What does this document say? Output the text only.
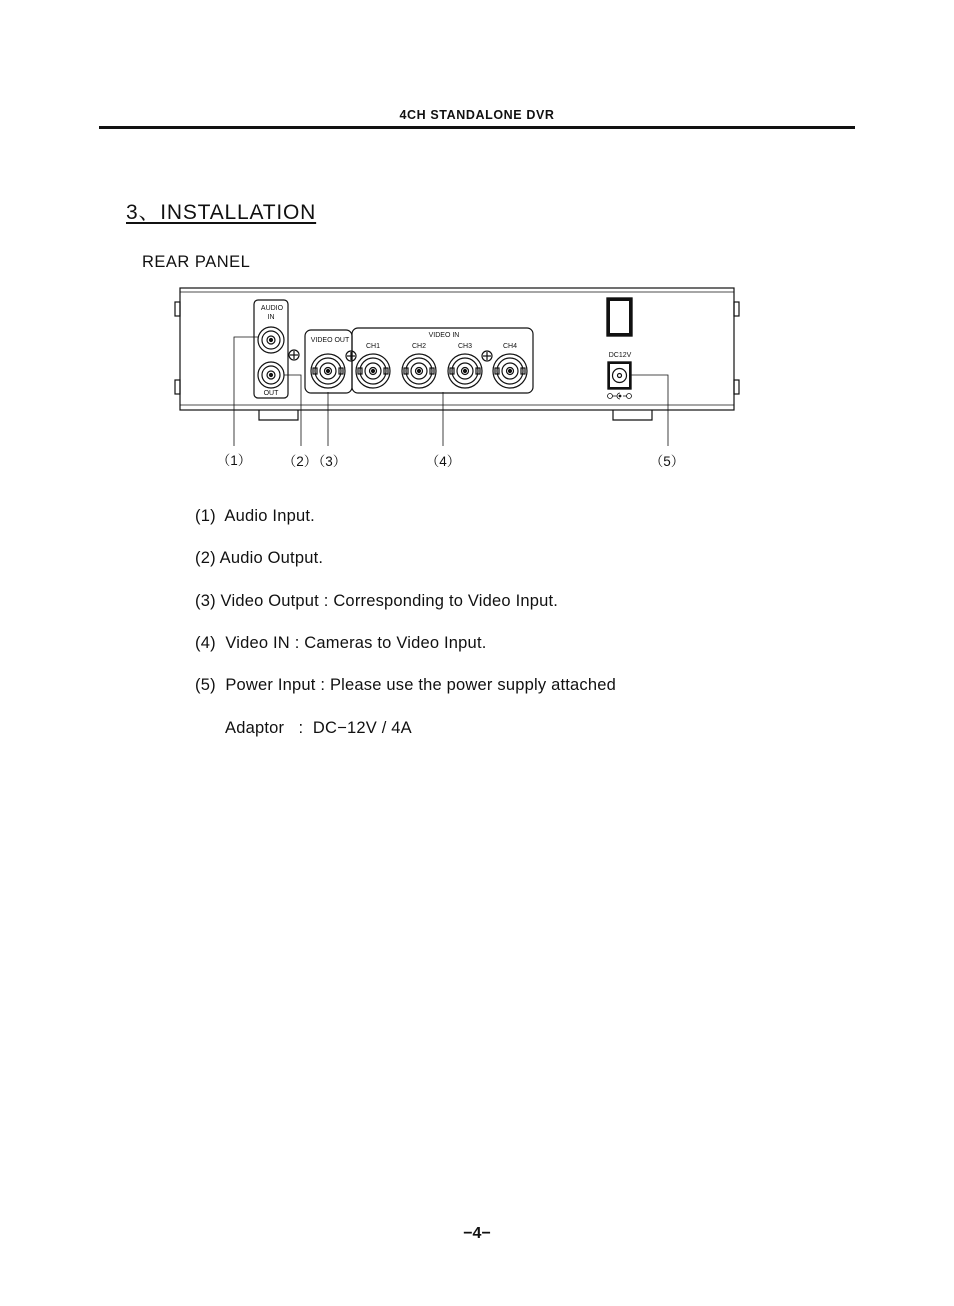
4CH STANDALONE DVR
3、INSTALLATION
REAR PANEL
AUDIO
IN
OUT
VIDEO OUT
VIDEO IN
CH1	CH2	CH3	CH4
DC12V
（1） （2）
（3）	（4）	（5）
(1)  Audio Input.
(2) Audio Output.
(3) Video Output : Corresponding to Video Input.
(4)  Video IN : Cameras to Video Input.
(5)  Power Input : Please use the power supply attached
Adaptor   :  DC−12V / 4A
−4−
